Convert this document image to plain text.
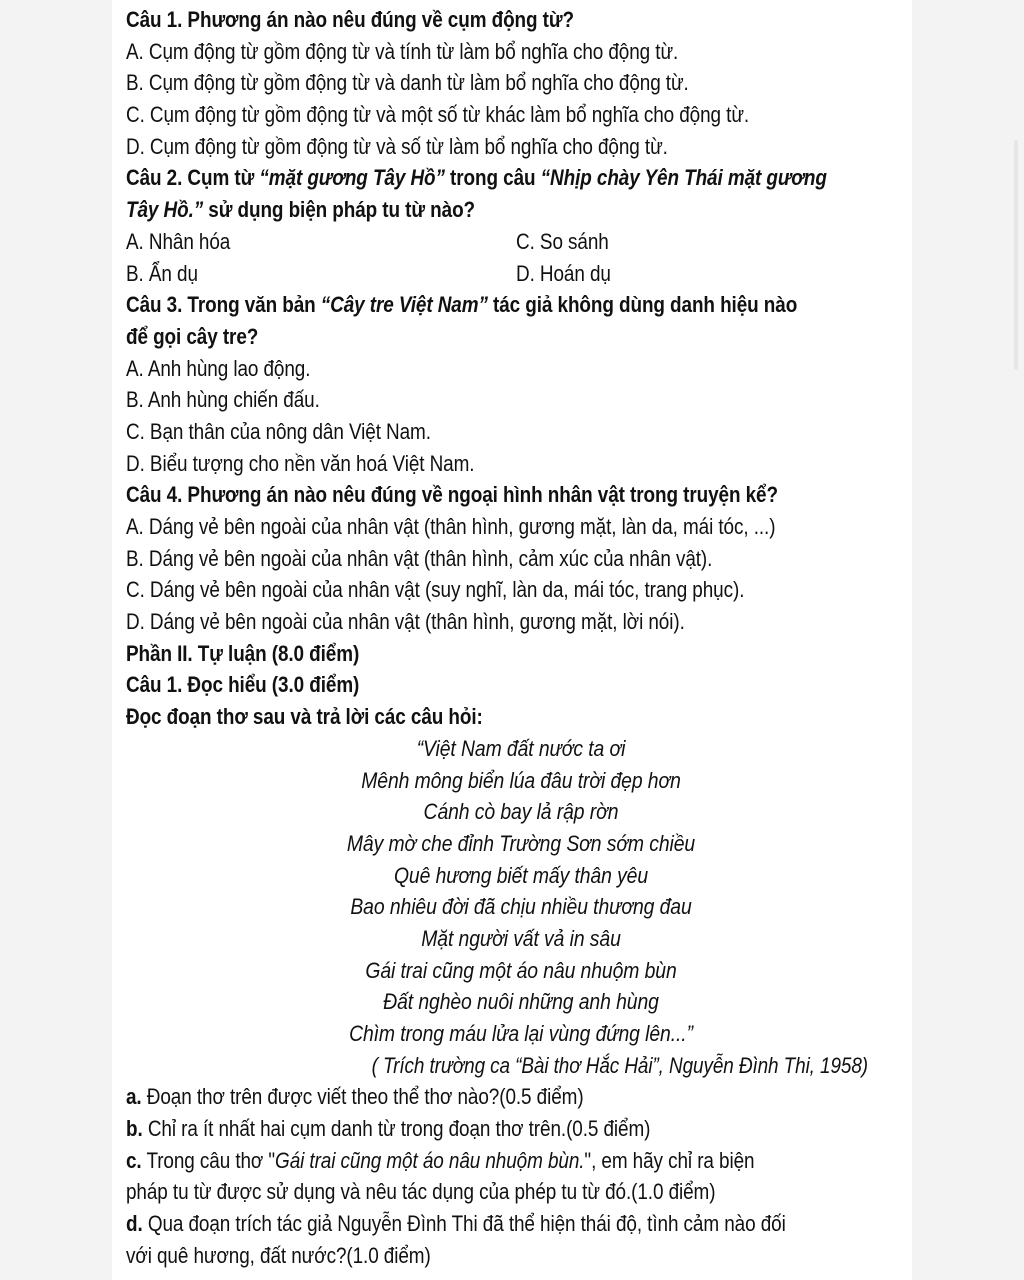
Câu 1. Phương án nào nêu đúng về cụm động từ?
A. Cụm động từ gồm động từ và tính từ làm bổ nghĩa cho động từ.
B. Cụm động từ gồm động từ và danh từ làm bổ nghĩa cho động từ.
C. Cụm động từ gồm động từ và một số từ khác làm bổ nghĩa cho động từ.
D. Cụm động từ gồm động từ và số từ làm bổ nghĩa cho động từ.
Câu 2. Cụm từ “mặt gương Tây Hồ” trong câu “Nhịp chày Yên Thái mặt gương
Tây Hồ.” sử dụng biện pháp tu từ nào?
A. Nhân hóa	C. So sánh
B. Ẩn dụ	D. Hoán dụ
Câu 3. Trong văn bản “Cây tre Việt Nam” tác giả không dùng danh hiệu nào
để gọi cây tre?
A. Anh hùng lao động.
B. Anh hùng chiến đấu.
C. Bạn thân của nông dân Việt Nam.
D. Biểu tượng cho nền văn hoá Việt Nam.
Câu 4. Phương án nào nêu đúng về ngoại hình nhân vật trong truyện kể?
A. Dáng vẻ bên ngoài của nhân vật (thân hình, gương mặt, làn da, mái tóc, ...)
B. Dáng vẻ bên ngoài của nhân vật (thân hình, cảm xúc của nhân vật).
C. Dáng vẻ bên ngoài của nhân vật (suy nghĩ, làn da, mái tóc, trang phục).
D. Dáng vẻ bên ngoài của nhân vật (thân hình, gương mặt, lời nói).
Phần II. Tự luận (8.0 điểm)
Câu 1. Đọc hiểu (3.0 điểm)
Đọc đoạn thơ sau và trả lời các câu hỏi:
“Việt Nam đất nước ta ơi
Mênh mông biển lúa đâu trời đẹp hơn
Cánh cò bay lả rập rờn
Mây mờ che đỉnh Trường Sơn sớm chiều
Quê hương biết mấy thân yêu
Bao nhiêu đời đã chịu nhiều thương đau
Mặt người vất vả in sâu
Gái trai cũng một áo nâu nhuộm bùn
Đất nghèo nuôi những anh hùng
Chìm trong máu lửa lại vùng đứng lên...”
( Trích trường ca “Bài thơ Hắc Hải”, Nguyễn Đình Thi, 1958)
a. Đoạn thơ trên được viết theo thể thơ nào?(0.5 điểm)
b. Chỉ ra ít nhất hai cụm danh từ trong đoạn thơ trên.(0.5 điểm)
c. Trong câu thơ "Gái trai cũng một áo nâu nhuộm bùn.", em hãy chỉ ra biện
pháp tu từ được sử dụng và nêu tác dụng của phép tu từ đó.(1.0 điểm)
d. Qua đoạn trích tác giả Nguyễn Đình Thi đã thể hiện thái độ, tình cảm nào đối
với quê hương, đất nước?(1.0 điểm)
